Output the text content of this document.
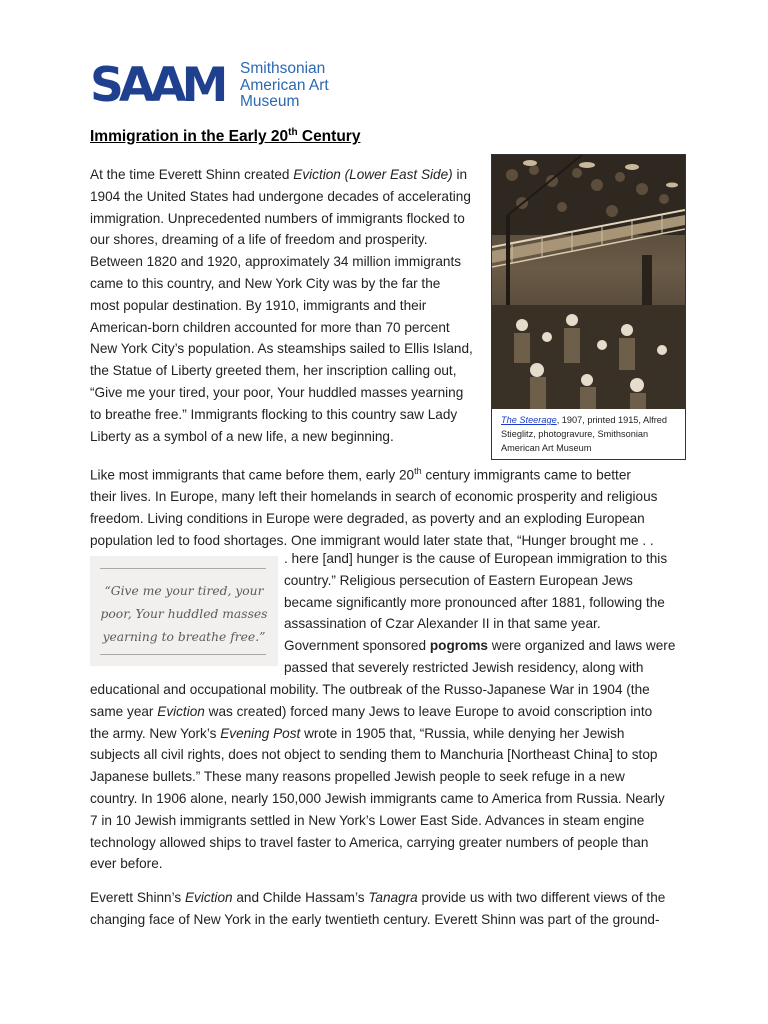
SAAM Smithsonian
American Art
Museum
Immigration in the Early 20th Century

At the time Everett Shinn created Eviction (Lower East Side) in

1904 the United States had undergone decades of accelerating

immigration. Unprecedented numbers of immigrants flocked to

our shores, dreaming of a life of freedom and prosperity.

Between 1820 and 1920, approximately 34 million immigrants

came to this country, and New York City was by the far the

most popular destination. By 1910, immigrants and their

American-born children accounted for more than 70 percent

New York City’s population. As steamships sailed to Ellis Island,

the Statue of Liberty greeted them, her inscription calling out,

“Give me your tired, your poor, Your huddled masses yearning

to breathe free.” Immigrants flocking to this country saw Lady

Liberty as a symbol of a new life, a new beginning.

The Steerage, 1907, printed 1915, Alfred Stieglitz, photogravure, Smithsonian American Art Museum

Like most immigrants that came before them, early 20th century immigrants came to better

their lives. In Europe, many left their homelands in search of economic prosperity and religious

freedom. Living conditions in Europe were degraded, as poverty and an exploding European

population led to food shortages. One immigrant would later state that, “Hunger brought me . .

“Give me your tired, your poor, Your huddled masses yearning to breathe free.”

. here [and] hunger is the cause of European immigration to this

country.” Religious persecution of Eastern European Jews

became significantly more pronounced after 1881, following the

assassination of Czar Alexander II in that same year.

Government sponsored pogroms were organized and laws were

passed that severely restricted Jewish residency, along with

educational and occupational mobility. The outbreak of the Russo-Japanese War in 1904 (the

same year Eviction was created) forced many Jews to leave Europe to avoid conscription into

the army. New York’s Evening Post wrote in 1905 that, “Russia, while denying her Jewish

subjects all civil rights, does not object to sending them to Manchuria [Northeast China] to stop

Japanese bullets.” These many reasons propelled Jewish people to seek refuge in a new

country. In 1906 alone, nearly 150,000 Jewish immigrants came to America from Russia. Nearly

7 in 10 Jewish immigrants settled in New York’s Lower East Side. Advances in steam engine

technology allowed ships to travel faster to America, carrying greater numbers of people than

ever before.

Everett Shinn’s Eviction and Childe Hassam’s Tanagra provide us with two different views of the

changing face of New York in the early twentieth century. Everett Shinn was part of the ground-
